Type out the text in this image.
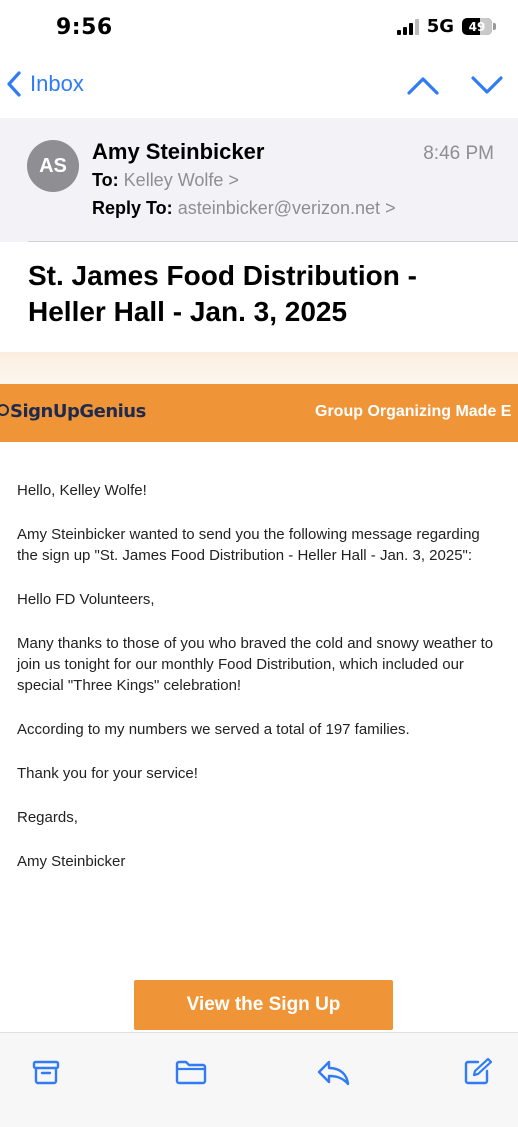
9:56	5G 49
Inbox
AS
Amy Steinbicker	8:46 PM
To: Kelley Wolfe >
Reply To: asteinbicker@verizon.net >
St. James Food Distribution - Heller Hall - Jan. 3, 2025
SignUpGenius	Group Organizing Made E

Hello, Kelley Wolfe!

Amy Steinbicker wanted to send you the following message regarding the sign up "St. James Food Distribution - Heller Hall - Jan. 3, 2025":

Hello FD Volunteers,

Many thanks to those of you who braved the cold and snowy weather to join us tonight for our monthly Food Distribution, which included our special "Three Kings" celebration!

According to my numbers we served a total of 197 families.

Thank you for your service!

Regards,

Amy Steinbicker

View the Sign Up
